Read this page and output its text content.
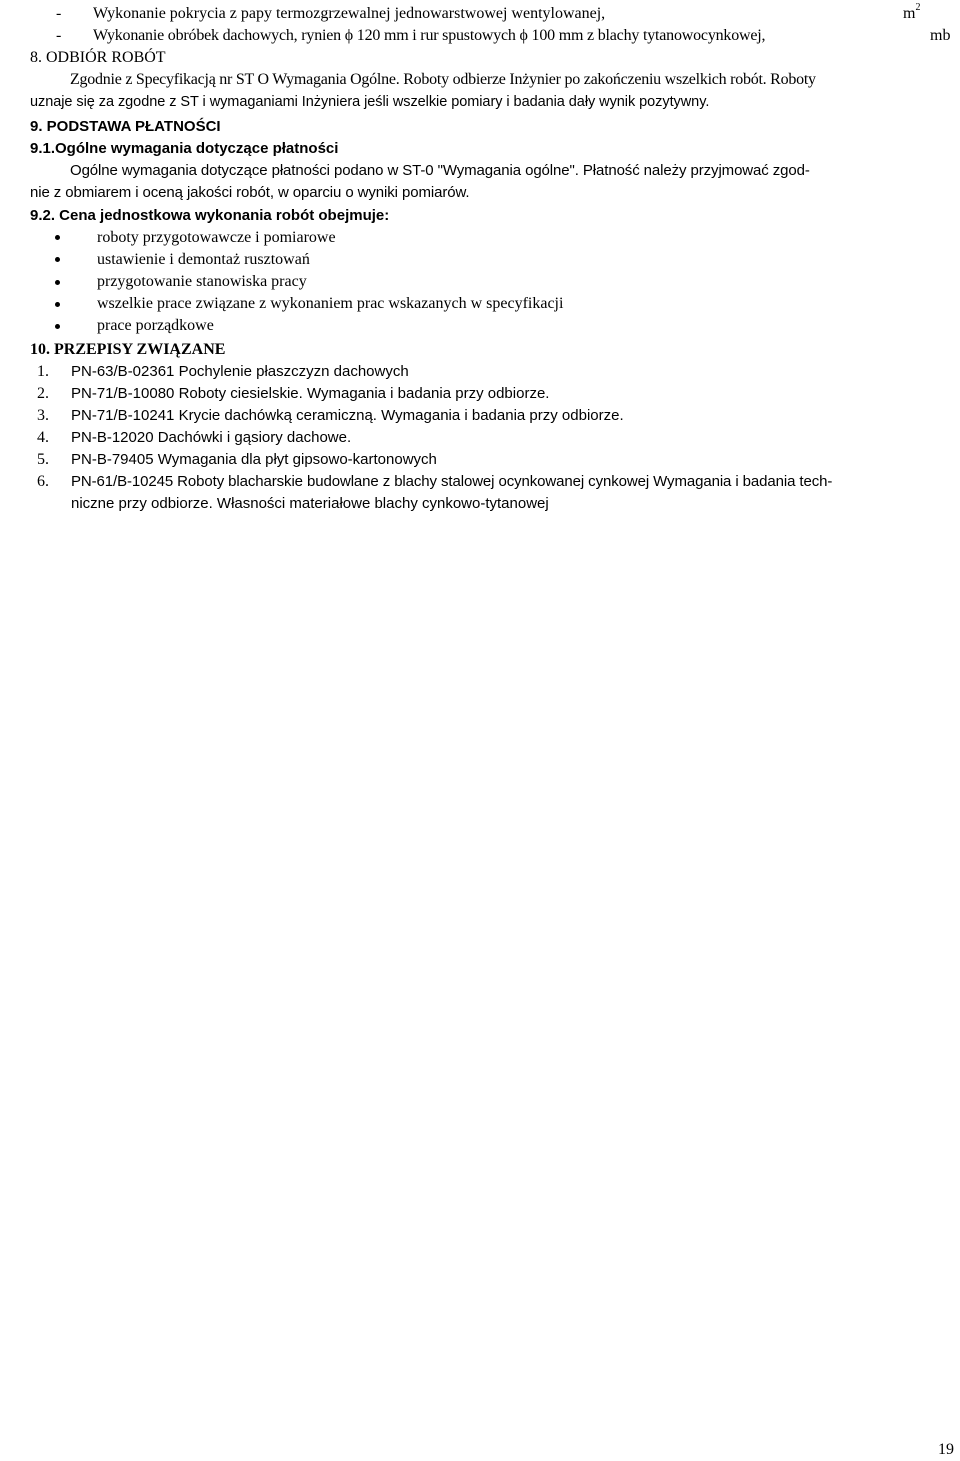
- Wykonanie pokrycia z papy termozgrzewalnej jednowarstwowej wentylowanej,	$m^2$
- Wykonanie obróbek dachowych, rynien ϕ 120 mm i rur spustowych ϕ 100 mm z blachy tytanowocynkowej,	mb
8. ODBIÓR ROBÓT
Zgodnie z Specyfikacją nr ST O Wymagania Ogólne. Roboty odbierze Inżynier po zakończeniu wszelkich robót. Roboty
uznaje się za zgodne z ST i wymaganiami Inżyniera jeśli wszelkie pomiary i badania dały wynik pozytywny.
9. PODSTAWA PŁATNOŚCI
9.1.Ogólne wymagania dotyczące płatności
Ogólne wymagania dotyczące płatności podano w ST-0 "Wymagania ogólne". Płatność należy przyjmować zgod-
nie z obmiarem i oceną jakości robót, w oparciu o wyniki pomiarów.
9.2. Cena jednostkowa wykonania robót obejmuje:
roboty przygotowawcze i pomiarowe
ustawienie i demontaż rusztowań
przygotowanie stanowiska pracy
wszelkie prace związane z wykonaniem prac wskazanych w specyfikacji
prace porządkowe
10. PRZEPISY ZWIĄZANE
1. PN-63/B-02361 Pochylenie płaszczyzn dachowych
2. PN-71/B-10080 Roboty ciesielskie. Wymagania i badania przy odbiorze.
3. PN-71/B-10241 Krycie dachówką ceramiczną. Wymagania i badania przy odbiorze.
4. PN-B-12020 Dachówki i gąsiory dachowe.
5. PN-B-79405 Wymagania dla płyt gipsowo-kartonowych
6. PN-61/B-10245 Roboty blacharskie budowlane z blachy stalowej ocynkowanej cynkowej Wymagania i badania tech-
niczne przy odbiorze. Własności materiałowe blachy cynkowo-tytanowej
19
